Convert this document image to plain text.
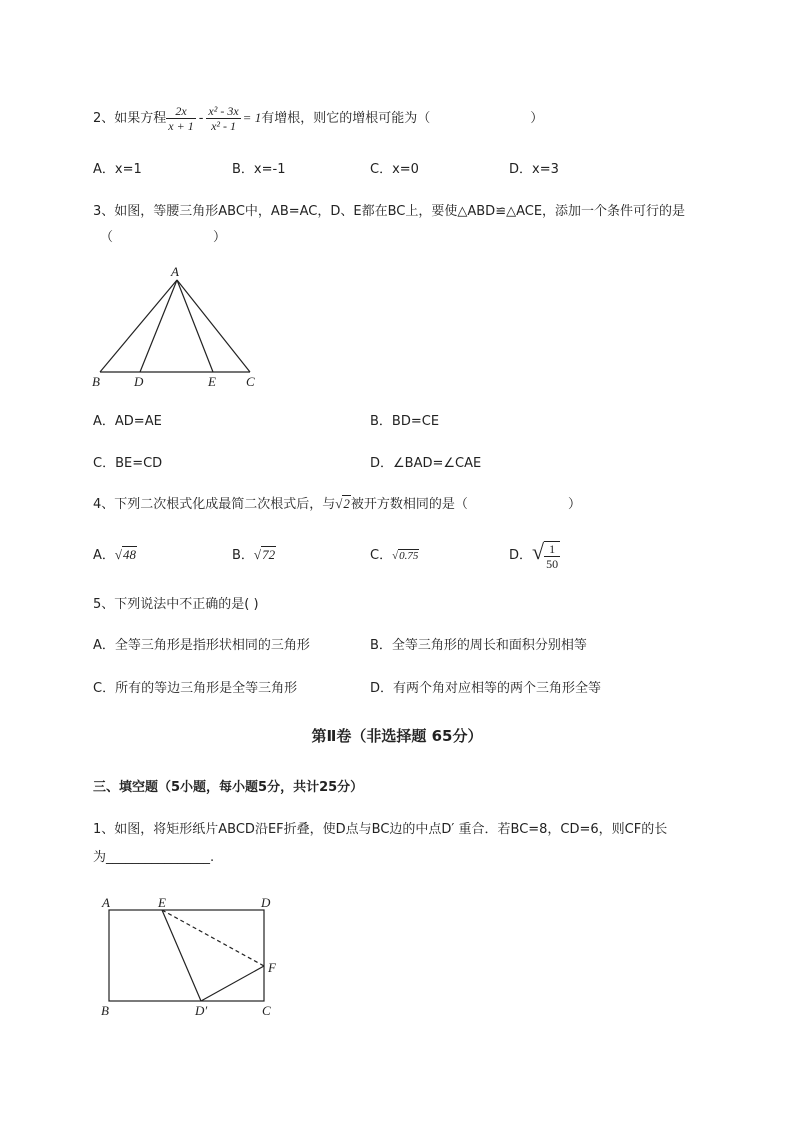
2、如果方程 $\frac{2x}{x + 1} - \frac{\text{x² - 3x}}{\text{x² - 1}} = 1$有增根，则它的增根可能为（	）
A．x=1	B．x=-1	C．x=0	D．x=3
3、如图，等腰三角形ABC中，AB=AC，D、E都在BC上，要使△ABD≌△ACE，添加一个条件可行的是
（	）
A
B	D	E C
A．AD=AE	B．BD=CE
C．BE=CD	D．∠BAD=∠CAE
4、下列二次根式化成最简二次根式后，与√2被开方数相同的是（	）
A．√48	B．√72	C．√0.75	D．√ $\frac{1}{50}$
5、下列说法中不正确的是( )
A．全等三角形是指形状相同的三角形	B．全等三角形的周长和面积分别相等
C．所有的等边三角形是全等三角形	D．有两个角对应相等的两个三角形全等
第Ⅱ卷（非选择题 65分）
三、填空题（5小题，每小题5分，共计25分）
1、如图，将矩形纸片ABCD沿EF折叠，使D点与BC边的中点D′ 重合．若BC=8，CD=6，则CF的长
为________________.
A	E	D
F
B	D′	C
